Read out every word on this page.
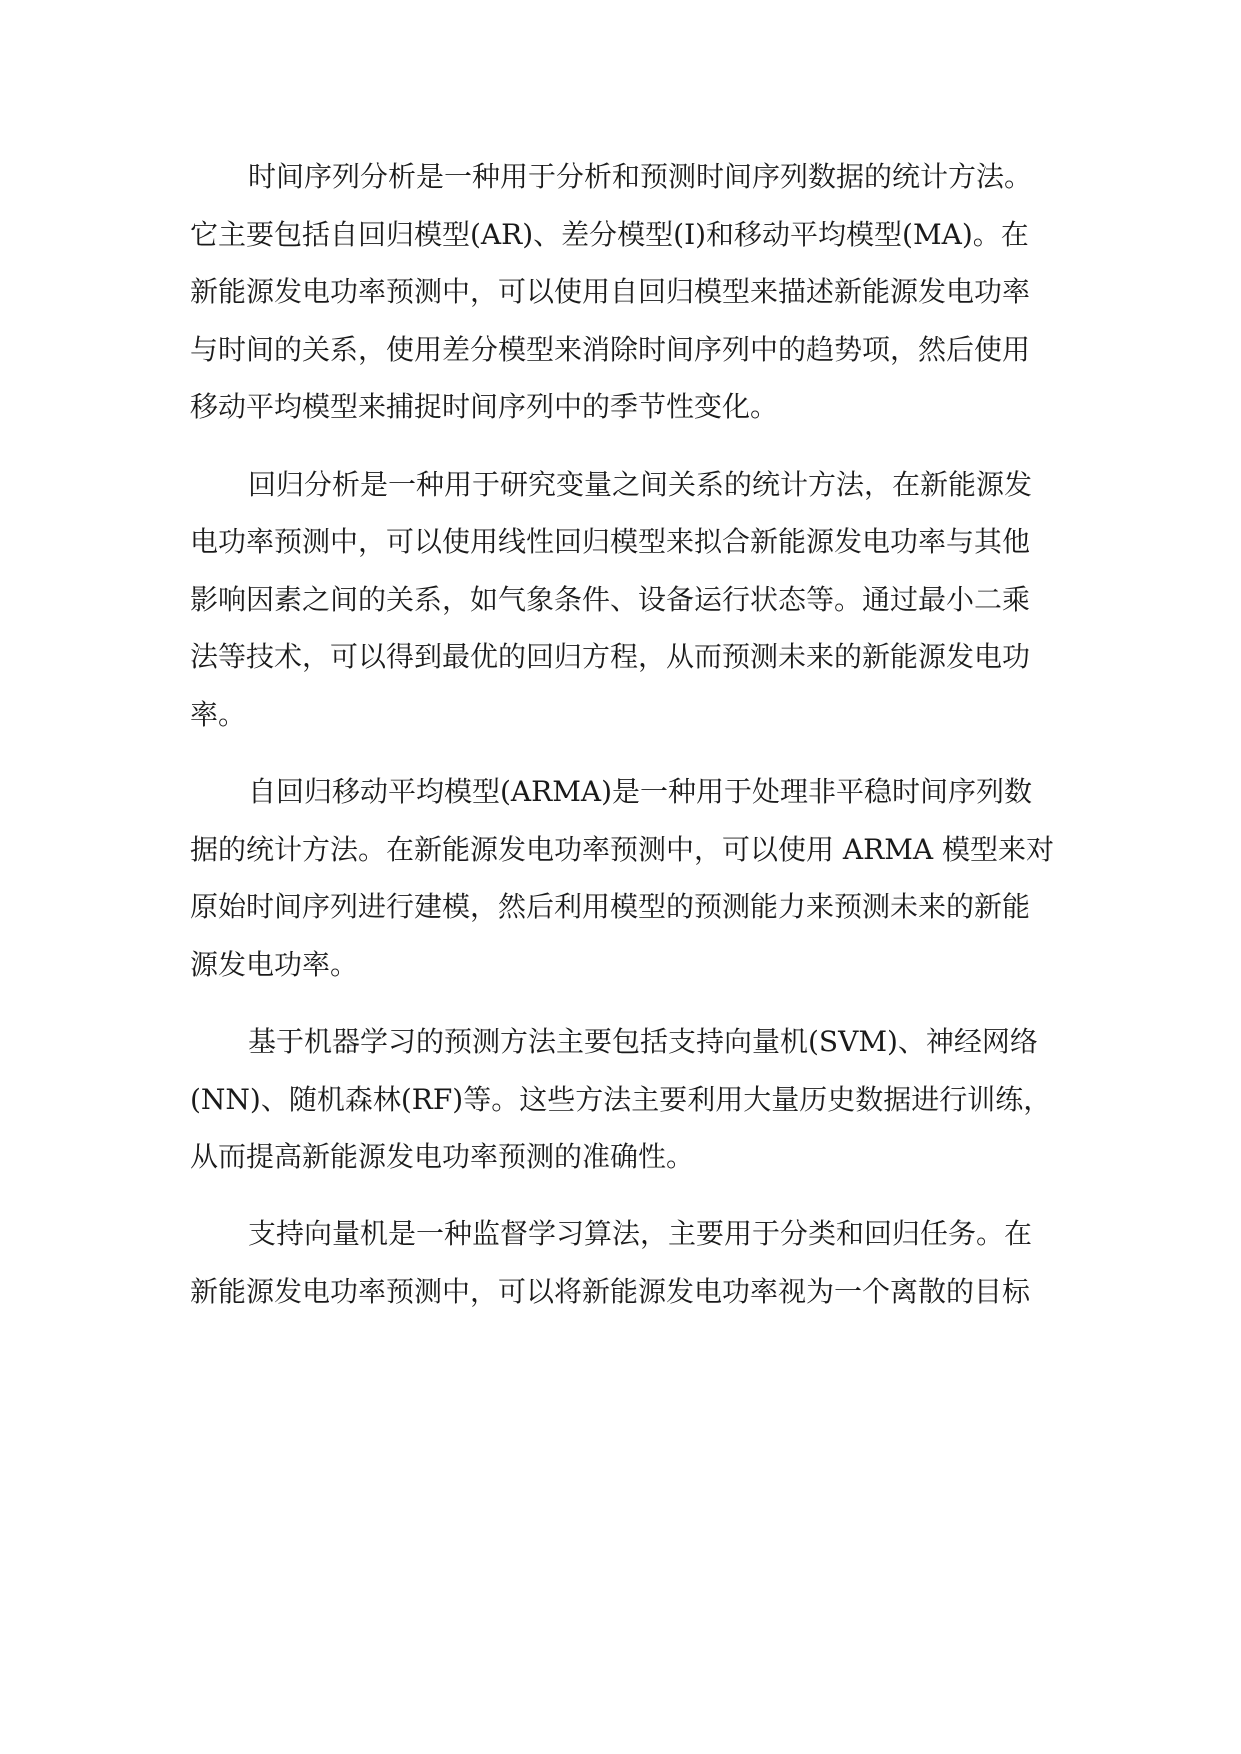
时间序列分析是一种用于分析和预测时间序列数据的统计方法。
它主要包括自回归模型(AR)、差分模型(I)和移动平均模型(MA)。在
新能源发电功率预测中，可以使用自回归模型来描述新能源发电功率
与时间的关系，使用差分模型来消除时间序列中的趋势项，然后使用
移动平均模型来捕捉时间序列中的季节性变化。
回归分析是一种用于研究变量之间关系的统计方法，在新能源发
电功率预测中，可以使用线性回归模型来拟合新能源发电功率与其他
影响因素之间的关系，如气象条件、设备运行状态等。通过最小二乘
法等技术，可以得到最优的回归方程，从而预测未来的新能源发电功
率。
自回归移动平均模型(ARMA)是一种用于处理非平稳时间序列数
据的统计方法。在新能源发电功率预测中，可以使用 ARMA 模型来对
原始时间序列进行建模，然后利用模型的预测能力来预测未来的新能
源发电功率。
基于机器学习的预测方法主要包括支持向量机(SVM)、神经网络
(NN)、随机森林(RF)等。这些方法主要利用大量历史数据进行训练，
从而提高新能源发电功率预测的准确性。
支持向量机是一种监督学习算法，主要用于分类和回归任务。在
新能源发电功率预测中，可以将新能源发电功率视为一个离散的目标
